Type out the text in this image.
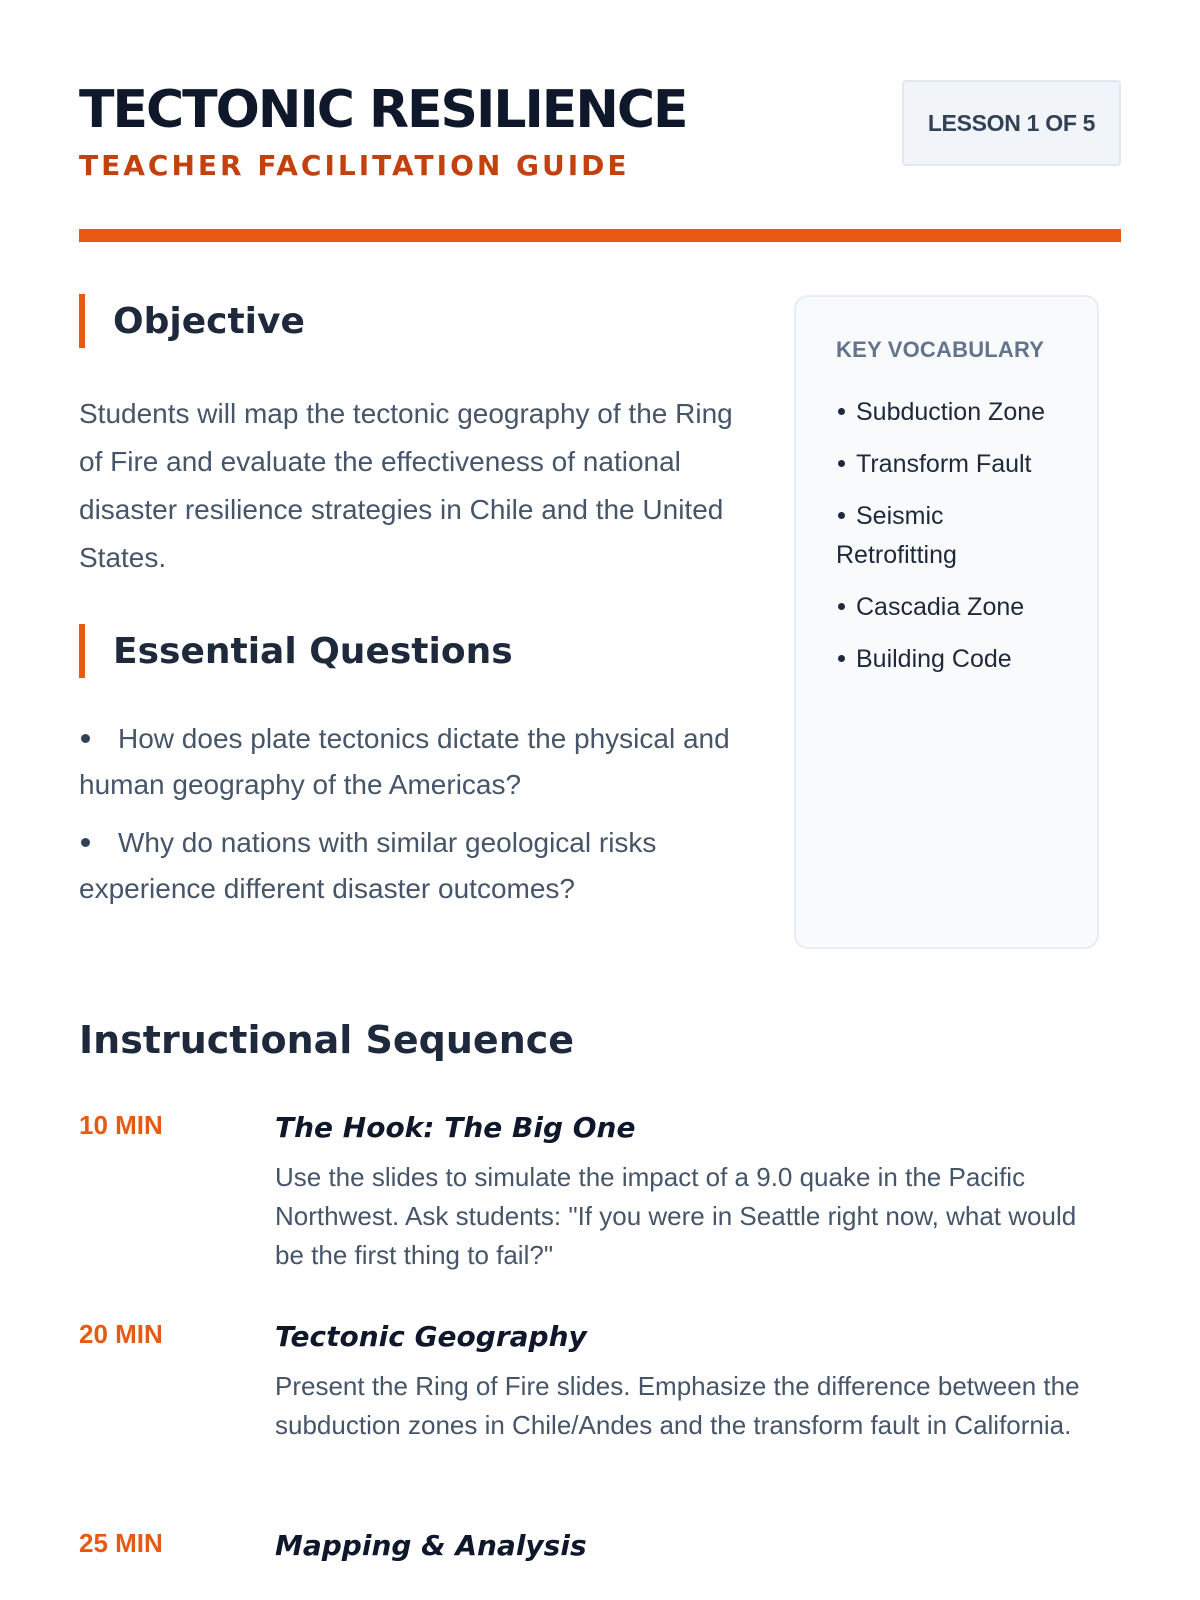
TECTONIC RESILIENCE
TEACHER FACILITATION GUIDE
LESSON 1 OF 5
Objective

Students will map the tectonic geography of the Ring of Fire and evaluate the effectiveness of national disaster resilience strategies in Chile and the United States.

Essential Questions
How does plate tectonics dictate the physical and human geography of the Americas?
Why do nations with similar geological risks experience different disaster outcomes?
KEY VOCABULARY
Subduction Zone
Transform Fault
Seismic Retrofitting
Cascadia Zone
Building Code
Instructional Sequence
10 MIN	The Hook: The Big One

Use the slides to simulate the impact of a 9.0 quake in the Pacific Northwest. Ask students: "If you were in Seattle right now, what would be the first thing to fail?"

20 MIN	Tectonic Geography

Present the Ring of Fire slides. Emphasize the difference between the subduction zones in Chile/Andes and the transform fault in California.

25 MIN	Mapping & Analysis
